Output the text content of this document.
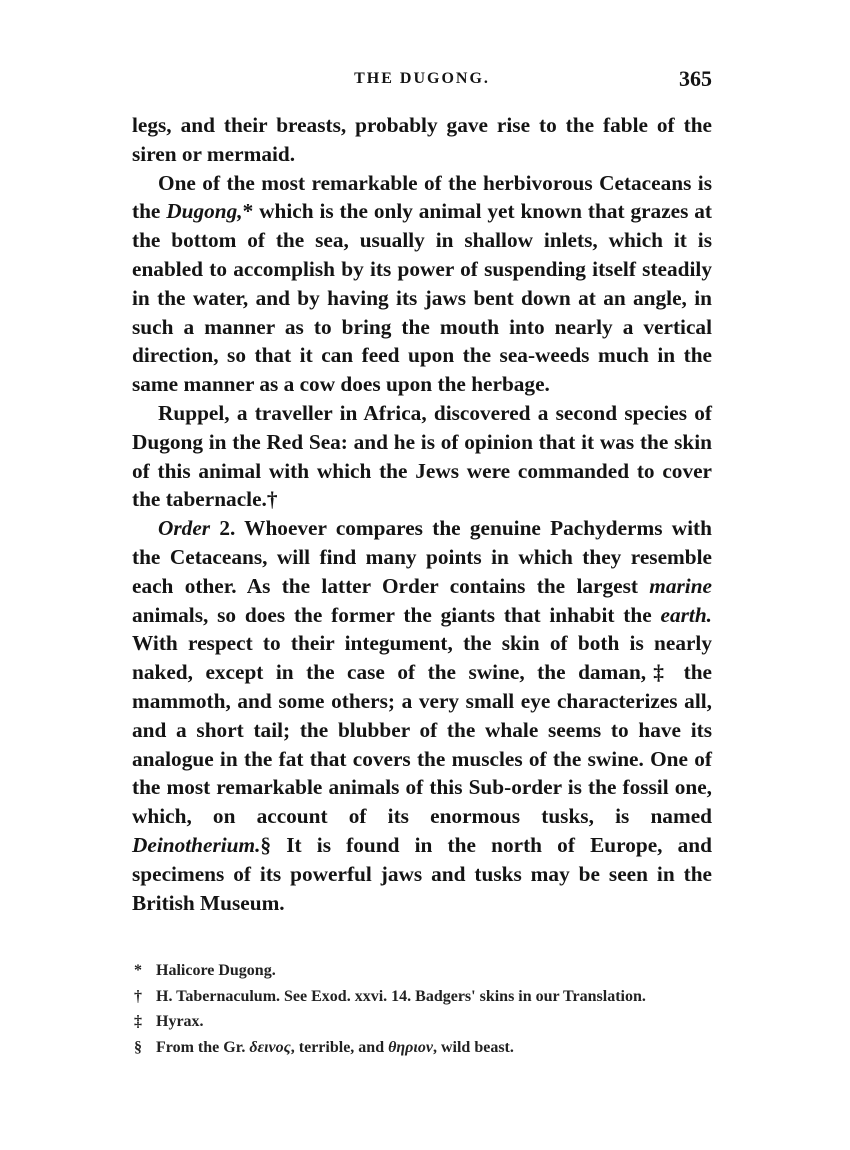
THE DUGONG.	365

legs, and their breasts, probably gave rise to the fable of the siren or mermaid.

One of the most remarkable of the herbivorous Cetaceans is the Dugong,* which is the only animal yet known that grazes at the bottom of the sea, usually in shallow inlets, which it is enabled to accomplish by its power of suspending itself steadily in the water, and by having its jaws bent down at an angle, in such a manner as to bring the mouth into nearly a vertical direction, so that it can feed upon the sea-weeds much in the same manner as a cow does upon the herbage.

Ruppel, a traveller in Africa, discovered a second species of Dugong in the Red Sea: and he is of opinion that it was the skin of this animal with which the Jews were commanded to cover the tabernacle.†

Order 2. Whoever compares the genuine Pachyderms with the Cetaceans, will find many points in which they resemble each other. As the latter Order contains the largest marine animals, so does the former the giants that inhabit the earth. With respect to their integument, the skin of both is nearly naked, except in the case of the swine, the daman,‡ the mammoth, and some others; a very small eye characterizes all, and a short tail; the blubber of the whale seems to have its analogue in the fat that covers the muscles of the swine. One of the most remarkable animals of this Sub-order is the fossil one, which, on account of its enormous tusks, is named Deinotherium.§ It is found in the north of Europe, and specimens of its powerful jaws and tusks may be seen in the British Museum.

* Halicore Dugong.

† H. Tabernaculum. See Exod. xxvi. 14. Badgers' skins in our Translation.

‡ Hyrax.

§ From the Gr. δεινος, terrible, and θηριον, wild beast.
